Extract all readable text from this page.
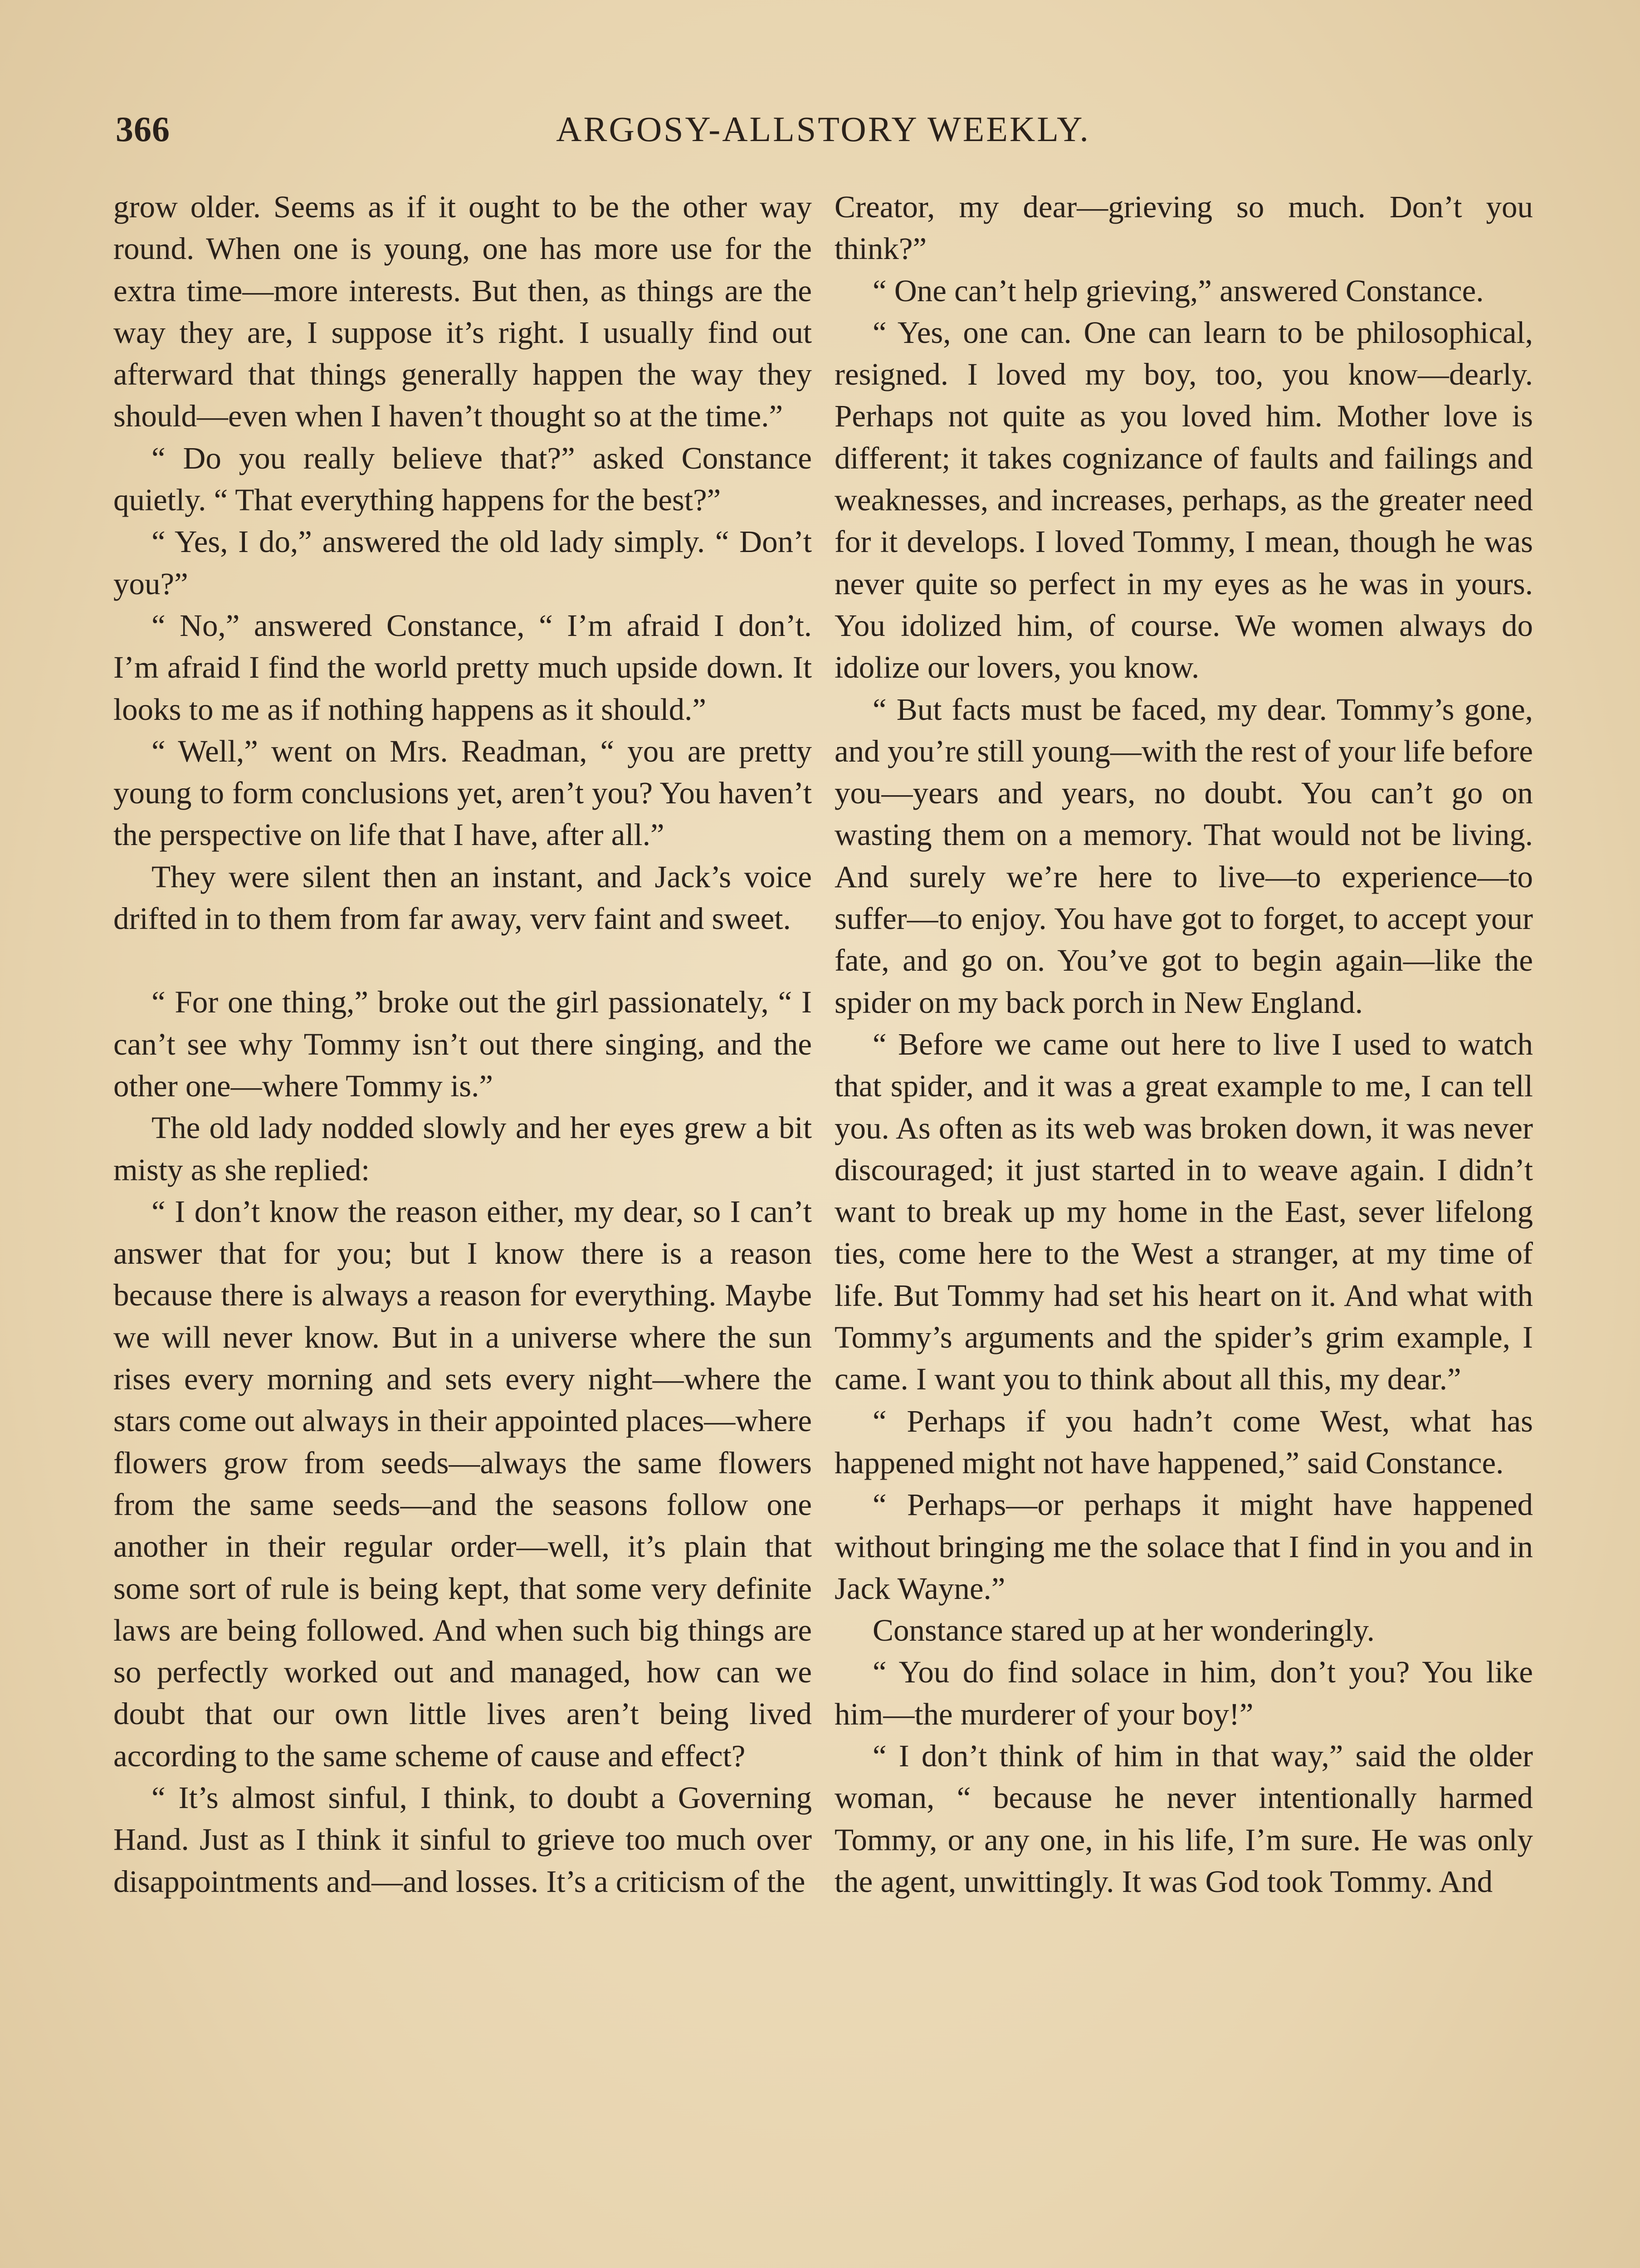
366	ARGOSY-ALLSTORY WEEKLY.

grow older. Seems as if it ought to be the other way round. When one is young, one has more use for the extra time—more interests. But then, as things are the way they are, I suppose it’s right. I usually find out afterward that things generally happen the way they should—even when I haven’t thought so at the time.”

“ Do you really believe that?” asked Constance quietly. “ That everything happens for the best?”

“ Yes, I do,” answered the old lady simply. “ Don’t you?”

“ No,” answered Constance, “ I’m afraid I don’t. I’m afraid I find the world pretty much upside down. It looks to me as if nothing happens as it should.”

“ Well,” went on Mrs. Readman, “ you are pretty young to form conclusions yet, aren’t you? You haven’t the perspective on life that I have, after all.”

They were silent then an instant, and Jack’s voice drifted in to them from far away, verv faint and sweet.

“ For one thing,” broke out the girl passionately, “ I can’t see why Tommy isn’t out there singing, and the other one—where Tommy is.”

The old lady nodded slowly and her eyes grew a bit misty as she replied:

“ I don’t know the reason either, my dear, so I can’t answer that for you; but I know there is a reason because there is always a reason for everything. Maybe we will never know. But in a universe where the sun rises every morning and sets every night—where the stars come out always in their appointed places—where flowers grow from seeds—always the same flowers from the same seeds—and the seasons follow one another in their regular order—well, it’s plain that some sort of rule is being kept, that some very definite laws are being followed. And when such big things are so perfectly worked out and managed, how can we doubt that our own little lives aren’t being lived according to the same scheme of cause and effect?

“ It’s almost sinful, I think, to doubt a Governing Hand. Just as I think it sinful to grieve too much over disappointments and—and losses. It’s a criticism of the

Creator, my dear—grieving so much. Don’t you think?”

“ One can’t help grieving,” answered Constance.

“ Yes, one can. One can learn to be philosophical, resigned. I loved my boy, too, you know—dearly. Perhaps not quite as you loved him. Mother love is different; it takes cognizance of faults and failings and weaknesses, and increases, perhaps, as the greater need for it develops. I loved Tommy, I mean, though he was never quite so perfect in my eyes as he was in yours. You idolized him, of course. We women always do idolize our lovers, you know.

“ But facts must be faced, my dear. Tommy’s gone, and you’re still young—with the rest of your life before you—years and years, no doubt. You can’t go on wasting them on a memory. That would not be living. And surely we’re here to live—to experience—to suffer—to enjoy. You have got to forget, to accept your fate, and go on. You’ve got to begin again—like the spider on my back porch in New England.

“ Before we came out here to live I used to watch that spider, and it was a great example to me, I can tell you. As often as its web was broken down, it was never discouraged; it just started in to weave again. I didn’t want to break up my home in the East, sever lifelong ties, come here to the West a stranger, at my time of life. But Tommy had set his heart on it. And what with Tommy’s arguments and the spider’s grim example, I came. I want you to think about all this, my dear.”

“ Perhaps if you hadn’t come West, what has happened might not have happened,” said Constance.

“ Perhaps—or perhaps it might have happened without bringing me the solace that I find in you and in Jack Wayne.”

Constance stared up at her wonderingly.

“ You do find solace in him, don’t you? You like him—the murderer of your boy!”

“ I don’t think of him in that way,” said the older woman, “ because he never intentionally harmed Tommy, or any one, in his life, I’m sure. He was only the agent, unwittingly. It was God took Tommy. And
